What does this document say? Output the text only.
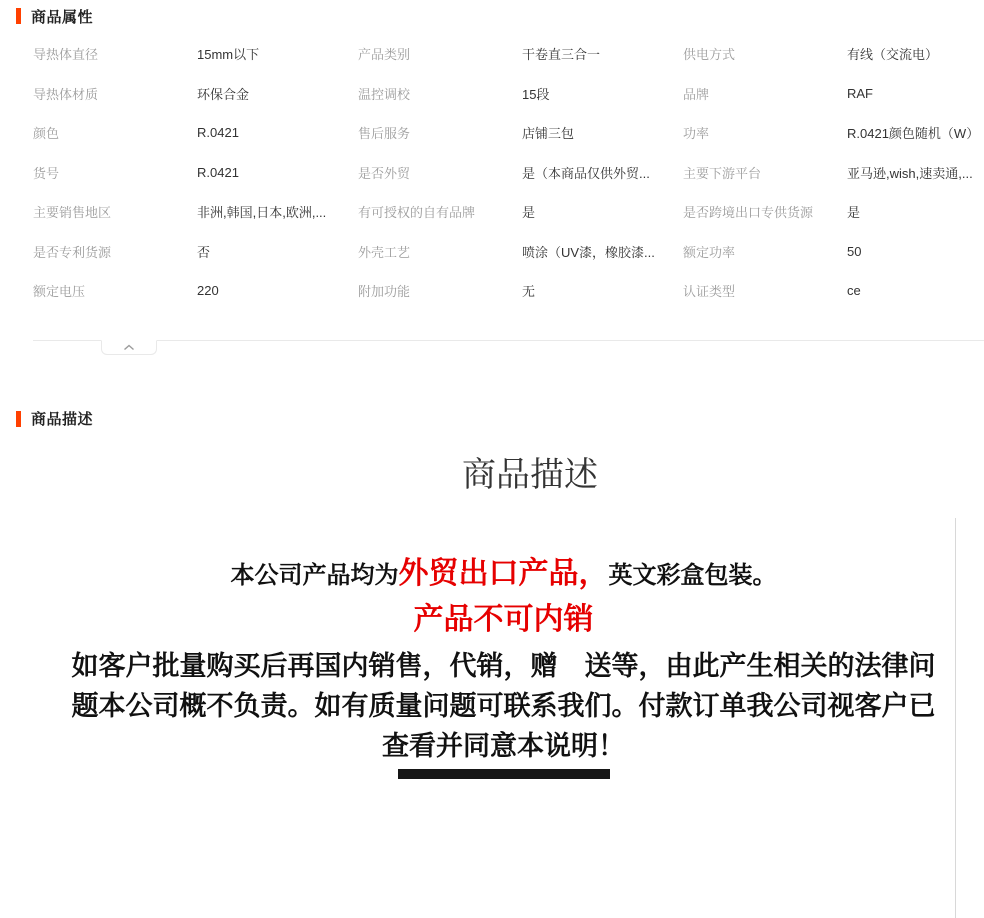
商品属性
导热体直径	15mm以下	产品类别	干卷直三合一	供电方式	有线（交流电）
导热体材质	环保合金	温控调校	15段	品牌	RAF
颜色	R.0421	售后服务	店铺三包	功率	R.0421颜色随机（W）
货号	R.0421	是否外贸	是（本商品仅供外贸...	主要下游平台	亚马逊,wish,速卖通,...
主要销售地区	非洲,韩国,日本,欧洲,...	有可授权的自有品牌	是	是否跨境出口专供货源	是
是否专利货源	否	外壳工艺	喷涂（UV漆，橡胶漆...	额定功率	50
额定电压	220	附加功能	无	认证类型	ce
商品描述
商品描述
本公司产品均为外贸出口产品，英文彩盒包装。
产品不可内销
如客户批量购买后再国内销售，代销，赠　送等，由此产生相关的法律问
题本公司概不负责。如有质量问题可联系我们。付款订单我公司视客户已
查看并同意本说明！
